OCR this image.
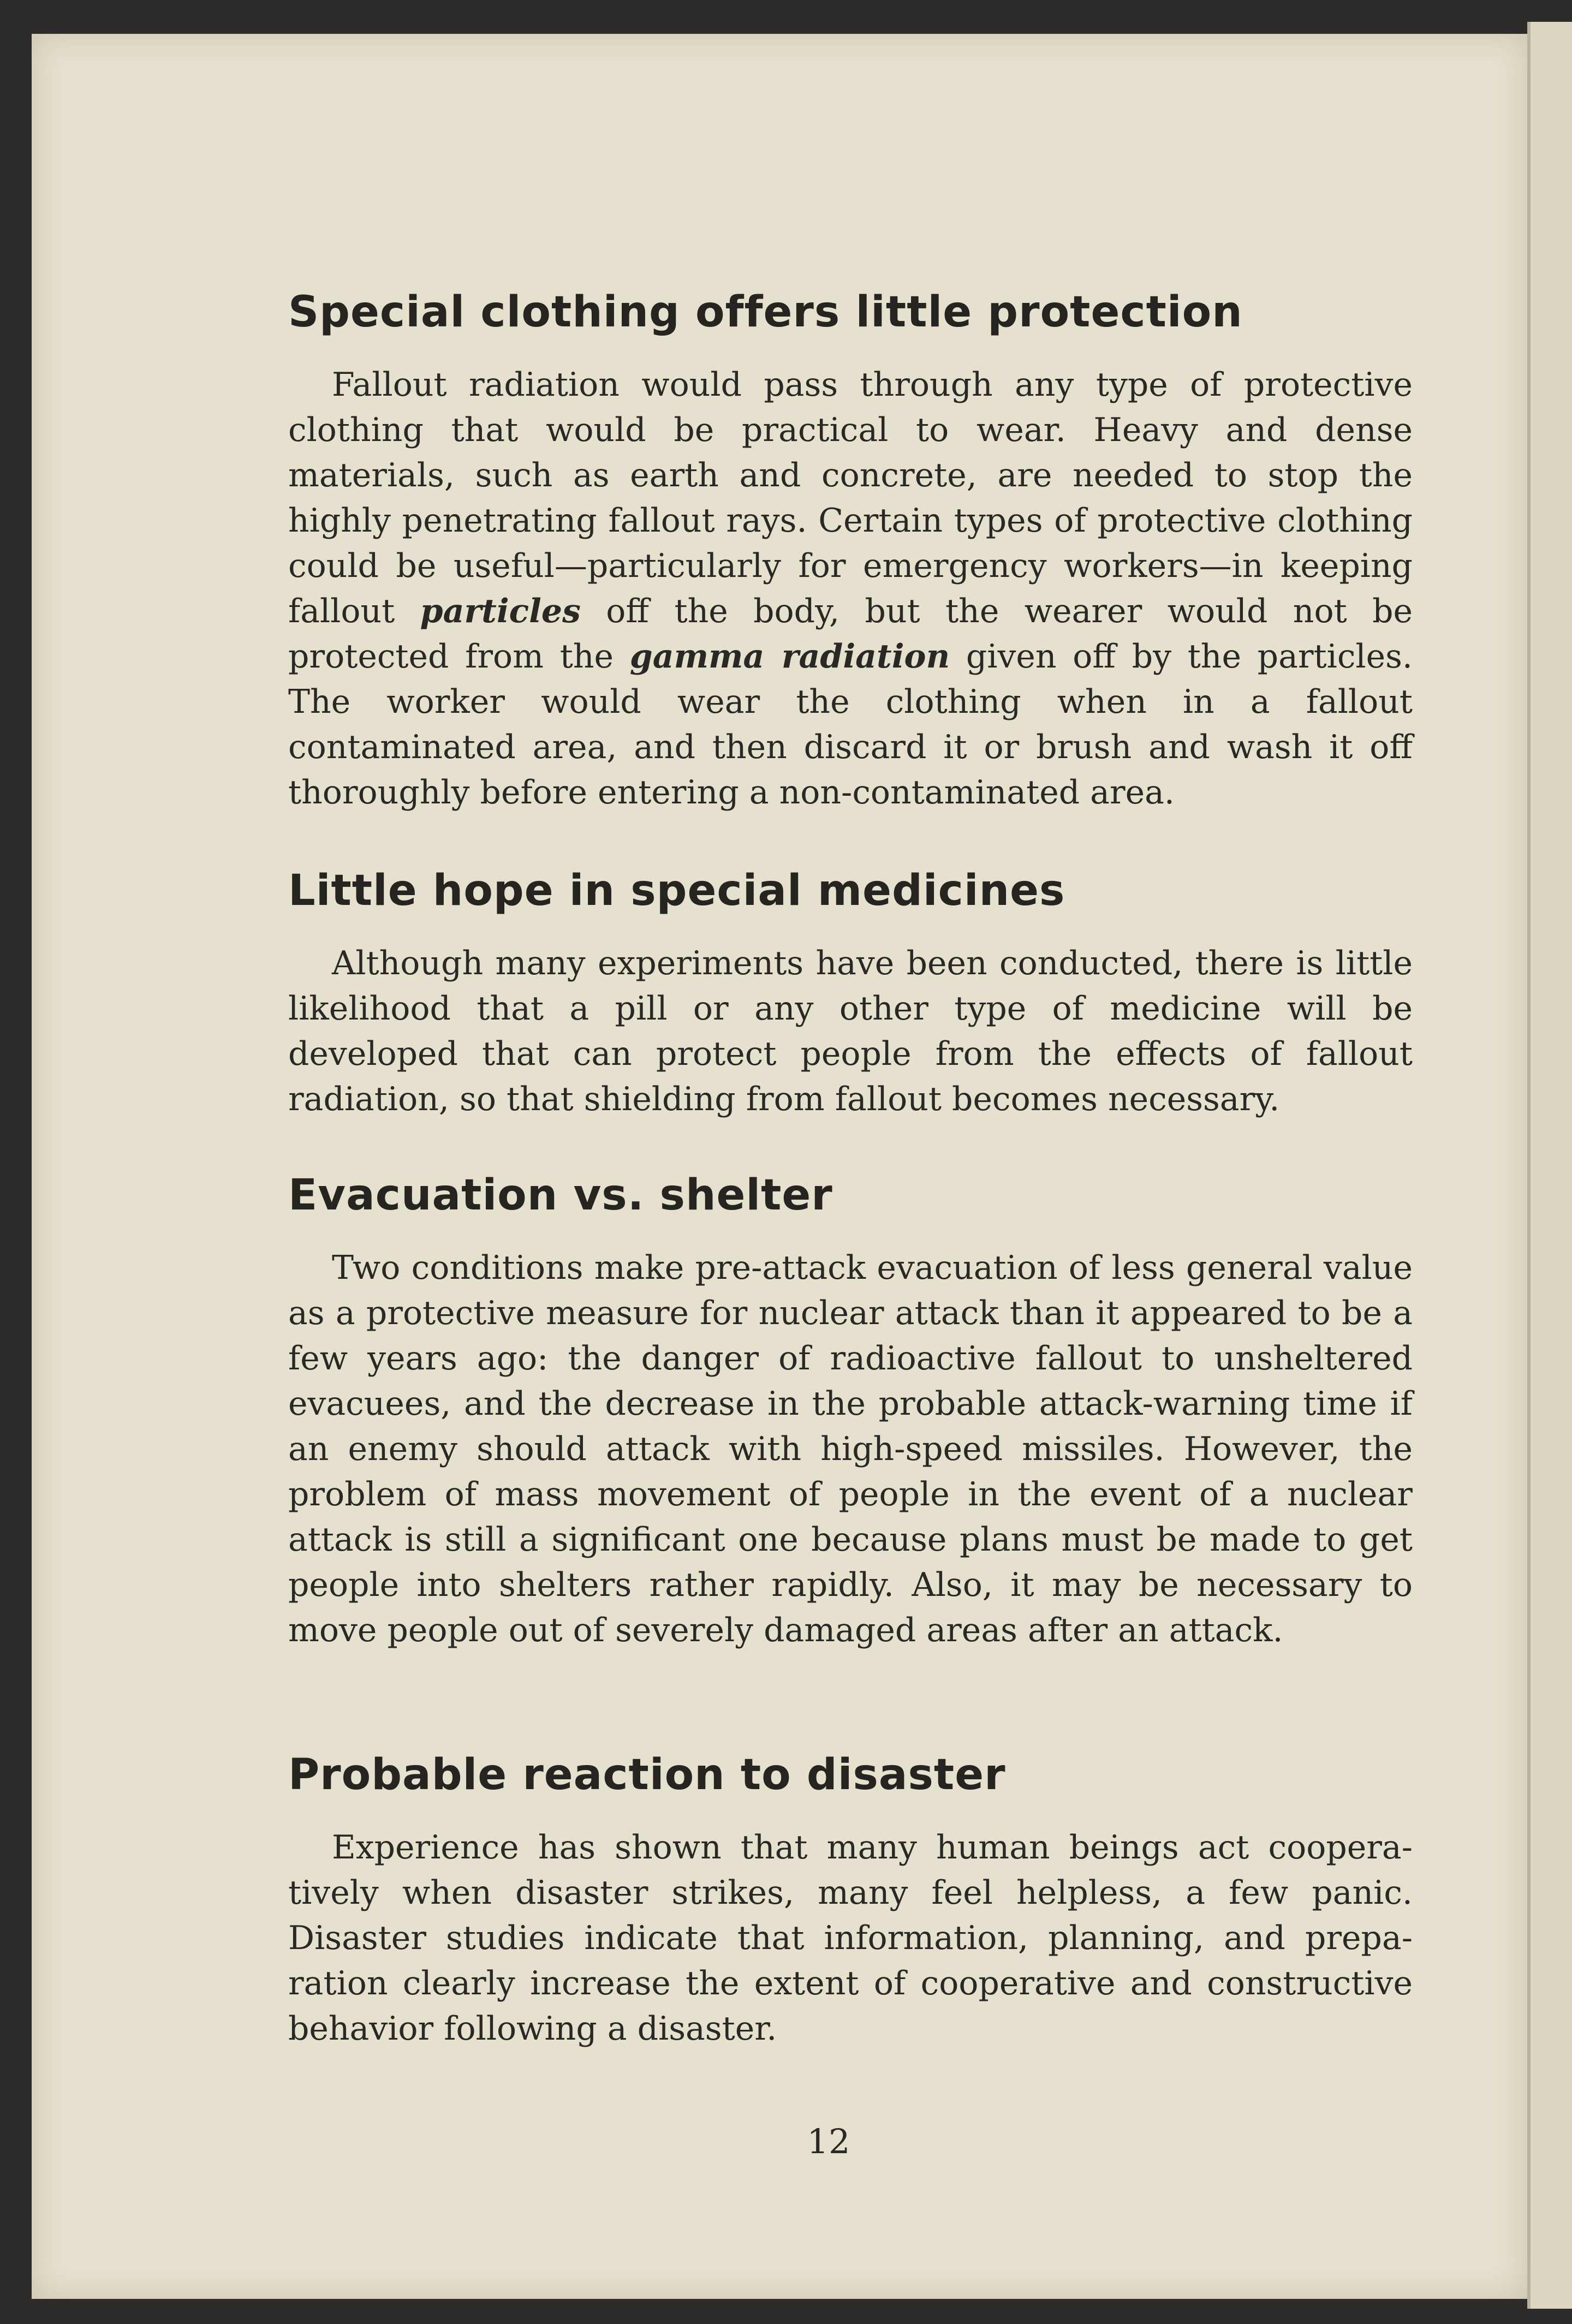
Special clothing offers little protection

Fallout radiation would pass through any type of protective clothing that would be practical to wear. Heavy and dense materials, such as earth and concrete, are needed to stop the highly penetrating fallout rays. Certain types of protective clothing could be useful—particularly for emergency workers—in keeping fallout particles off the body, but the wearer would not be protected from the gamma radiation given off by the particles. The worker would wear the clothing when in a fallout contaminated area, and then discard it or brush and wash it off thoroughly before entering a non-contaminated area.

Little hope in special medicines

Although many experiments have been conducted, there is little likelihood that a pill or any other type of medicine will be developed that can protect people from the effects of fallout radiation, so that shielding from fallout becomes necessary.

Evacuation vs. shelter

Two conditions make pre-attack evacuation of less general value as a protective measure for nuclear attack than it appeared to be a few years ago: the danger of radioactive fallout to unsheltered evacuees, and the decrease in the probable attack-warning time if an enemy should attack with high-speed missiles. However, the problem of mass movement of people in the event of a nuclear attack is still a significant one because plans must be made to get people into shelters rather rapidly. Also, it may be necessary to move people out of severely damaged areas after an attack.

Probable reaction to disaster

Experience has shown that many human beings act cooperatively when disaster strikes, many feel helpless, a few panic. Disaster studies indicate that information, planning, and preparation clearly increase the extent of cooperative and constructive behavior following a disaster.

12
